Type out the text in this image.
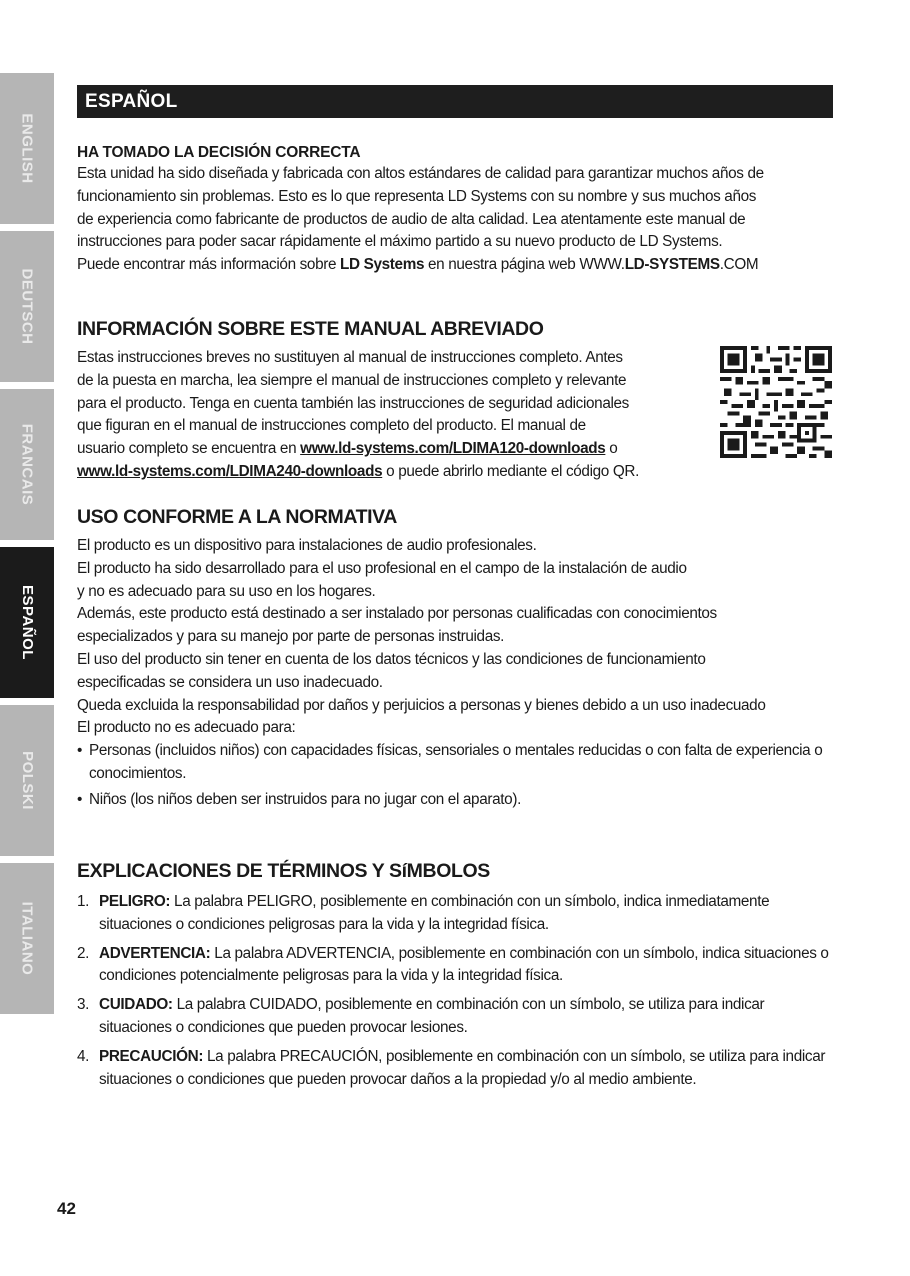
ENGLISH
DEUTSCH
FRANCAIS
ESPAÑOL
POLSKI
ITALIANO
ESPAÑOL
HA TOMADO LA DECISIÓN CORRECTA

Esta unidad ha sido diseñada y fabricada con altos estándares de calidad para garantizar muchos años de

funcionamiento sin problemas. Esto es lo que representa LD Systems con su nombre y sus muchos años

de experiencia como fabricante de productos de audio de alta calidad. Lea atentamente este manual de

instrucciones para poder sacar rápidamente el máximo partido a su nuevo producto de LD Systems.

Puede encontrar más información sobre LD Systems en nuestra página web WWW.LD-SYSTEMS.COM

INFORMACIÓN SOBRE ESTE MANUAL ABREVIADO

Estas instrucciones breves no sustituyen al manual de instrucciones completo. Antes

de la puesta en marcha, lea siempre el manual de instrucciones completo y relevante

para el producto. Tenga en cuenta también las instrucciones de seguridad adicionales

que figuran en el manual de instrucciones completo del producto. El manual de

usuario completo se encuentra en www.ld-systems.com/LDIMA120-downloads o

www.ld-systems.com/LDIMA240-downloads o puede abrirlo mediante el código QR.

USO CONFORME A LA NORMATIVA

El producto es un dispositivo para instalaciones de audio profesionales.

El producto ha sido desarrollado para el uso profesional en el campo de la instalación de audio

y no es adecuado para su uso en los hogares.

Además, este producto está destinado a ser instalado por personas cualificadas con conocimientos

especializados y para su manejo por parte de personas instruidas.

El uso del producto sin tener en cuenta de los datos técnicos y las condiciones de funcionamiento

especificadas se considera un uso inadecuado.

Queda excluida la responsabilidad por daños y perjuicios a personas y bienes debido a un uso inadecuado

El producto no es adecuado para:

• Personas (incluidos niños) con capacidades físicas, sensoriales o mentales reducidas o con falta de experiencia o conocimientos.
• Niños (los niños deben ser instruidos para no jugar con el aparato).
EXPLICACIONES DE TÉRMINOS Y SíMBOLOS
1. PELIGRO: La palabra PELIGRO, posiblemente en combinación con un símbolo, indica inmediatamente situaciones o condiciones peligrosas para la vida y la integridad física.
2. ADVERTENCIA: La palabra ADVERTENCIA, posiblemente en combinación con un símbolo, indica situaciones o condiciones potencialmente peligrosas para la vida y la integridad física.
3. CUIDADO: La palabra CUIDADO, posiblemente en combinación con un símbolo, se utiliza para indicar situaciones o condiciones que pueden provocar lesiones.
4. PRECAUCIÓN: La palabra PRECAUCIÓN, posiblemente en combinación con un símbolo, se utiliza para indicar situaciones o condiciones que pueden provocar daños a la propiedad y/o al medio ambiente.
42
